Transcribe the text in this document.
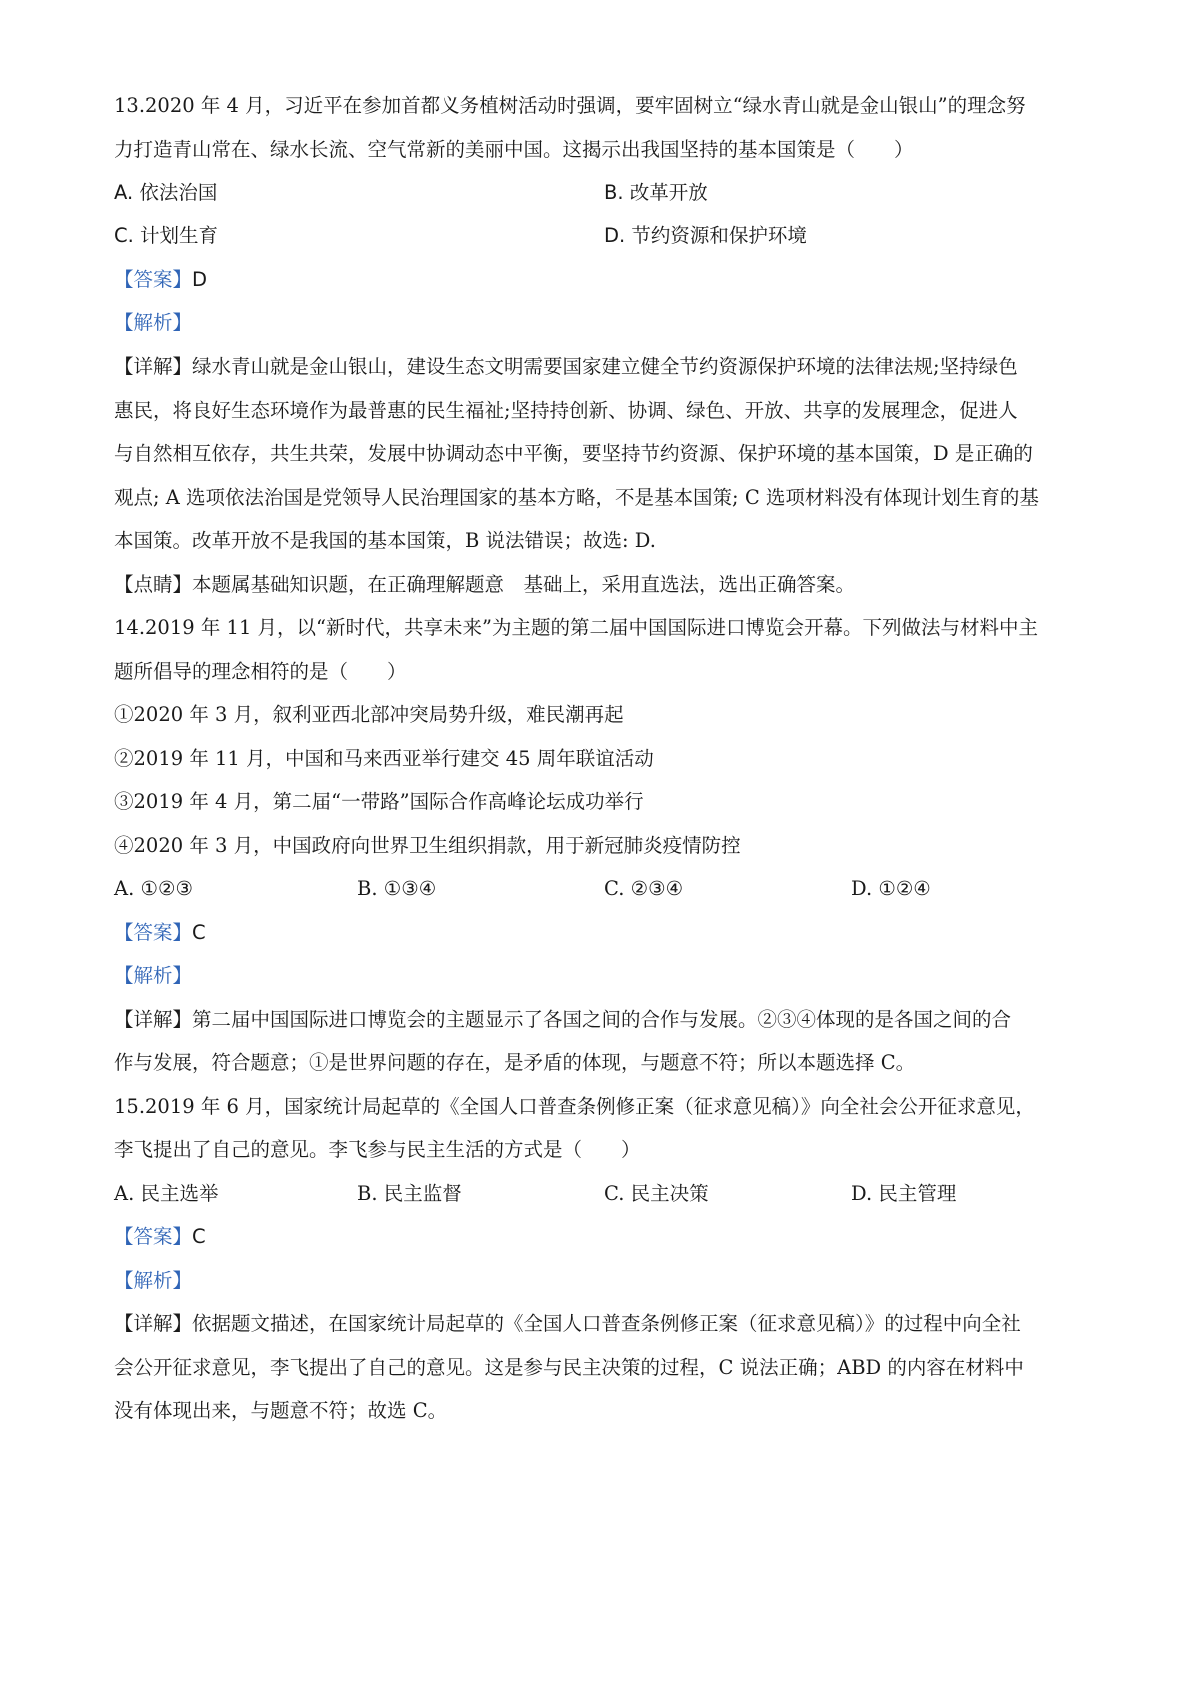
13.2020 年 4 月，习近平在参加首都义务植树活动时强调，要牢固树立“绿水青山就是金山银山”的理念努
力打造青山常在、绿水长流、空气常新的美丽中国。这揭示出我国坚持的基本国策是（　　）
A. 依法治国	B. 改革开放
C. 计划生育	D. 节约资源和保护环境
【答案】D
【解析】
【详解】绿水青山就是金山银山，建设生态文明需要国家建立健全节约资源保护环境的法律法规;坚持绿色
惠民，将良好生态环境作为最普惠的民生福祉;坚持持创新、协调、绿色、开放、共享的发展理念，促进人
与自然相互依存，共生共荣，发展中协调动态中平衡，要坚持节约资源、保护环境的基本国策，D 是正确的
观点; A 选项依法治国是党领导人民治理国家的基本方略，不是基本国策; C 选项材料没有体现计划生育的基
本国策。改革开放不是我国的基本国策，B 说法错误；故选: D.
【点睛】本题属基础知识题，在正确理解题意　基础上，采用直选法，选出正确答案。
14.2019 年 11 月，以“新时代，共享未来”为主题的第二届中国国际进口博览会开幕。下列做法与材料中主
题所倡导的理念相符的是（　　）
①2020 年 3 月，叙利亚西北部冲突局势升级，难民潮再起
②2019 年 11 月，中国和马来西亚举行建交 45 周年联谊活动
③2019 年 4 月，第二届“一带路”国际合作高峰论坛成功举行
④2020 年 3 月，中国政府向世界卫生组织捐款，用于新冠肺炎疫情防控
A. ①②③	B. ①③④	C. ②③④	D. ①②④
【答案】C
【解析】
【详解】第二届中国国际进口博览会的主题显示了各国之间的合作与发展。②③④体现的是各国之间的合
作与发展，符合题意；①是世界问题的存在，是矛盾的体现，与题意不符；所以本题选择 C。
15.2019 年 6 月，国家统计局起草的《全国人口普查条例修正案（征求意见稿）》向全社会公开征求意见，
李飞提出了自己的意见。李飞参与民主生活的方式是（　　）
A. 民主选举	B. 民主监督	C. 民主决策	D. 民主管理
【答案】C
【解析】
【详解】依据题文描述，在国家统计局起草的《全国人口普查条例修正案（征求意见稿）》的过程中向全社
会公开征求意见，李飞提出了自己的意见。这是参与民主决策的过程，C 说法正确；ABD 的内容在材料中
没有体现出来，与题意不符；故选 C。
